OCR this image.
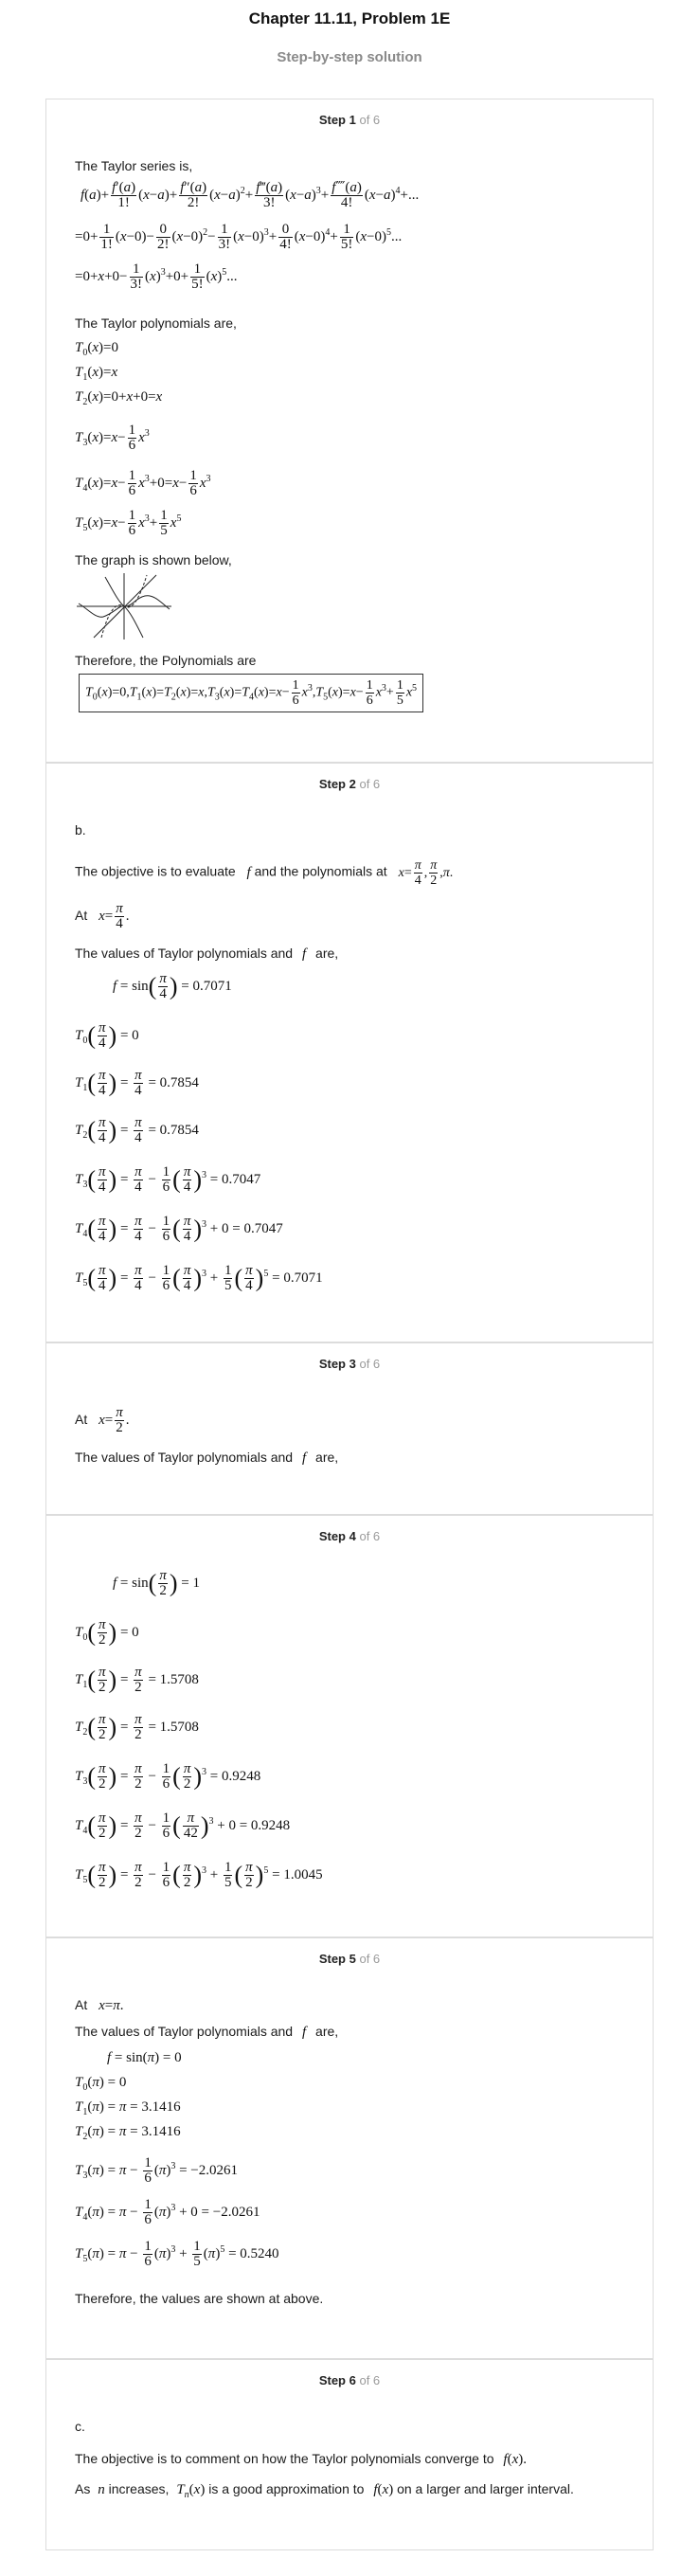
Chapter 11.11, Problem 1E
Step-by-step solution
Step 1 of 6
The Taylor series is,
$f(a)+ \frac{f'(a)}{1!} (x-a)+ \frac{f''(a)}{2!} (x-a)^2+ \frac{f‴(a)}{3!} (x-a)^3+ \frac{f⁗(a)}{4!} (x-a)^4+$...
$=0+ \frac{1}{1!} (x-0)- \frac{0}{2!} (x-0)^2- \frac{1}{3!} (x-0)^3+ \frac{0}{4!} (x-0)^4+ \frac{1}{5!} (x-0)^5$...
$=0+x+0- \frac{1}{3!} (x)^3+0+ \frac{1}{5!} (x)^5$...
The Taylor polynomials are,
$T_0(x)=0$
$T_1(x)=x$
$T_2(x)=0+x+0=x$
$T_3(x)=x- \frac{1}{6} x^3$
$T_4(x)=x- \frac{1}{6} x^3+0=x- \frac{1}{6} x^3$
$T_5(x)=x- \frac{1}{6} x^3+ \frac{1}{5} x^5$
The graph is shown below,
Therefore, the Polynomials are
$T_0(x)=0,T_1(x)=T_2(x)=x,T_3(x)=T_4(x)=x- \frac{1}{6} x^3,T_5(x)=x- \frac{1}{6} x^3+ \frac{1}{5} x^5$
Step 2 of 6
b.
The objective is to evaluate f and the polynomials at $x= \frac{\pi}{4}$ , $\frac{\pi}{2} ,\pi$.
At $x= \frac{\pi}{4}$ .
The values of Taylor polynomials and f are,
$f = \sin( \frac{\pi}{4}$ ) = 0.7071
$T_0( \frac{\pi}{4}$ ) = 0
$T_1( \frac{\pi}{4}$ ) = $\frac{\pi}{4} = 0.7854$
$T_2( \frac{\pi}{4}$ ) = $\frac{\pi}{4} = 0.7854$
$T_3( \frac{\pi}{4}$ ) = $\frac{\pi}{4} - \frac{1}{6}$ ( $\frac{\pi}{4} )^3 = 0.7047$
$T_4( \frac{\pi}{4}$ ) = $\frac{\pi}{4} - \frac{1}{6}$ ( $\frac{\pi}{4} )^3 + 0 = 0.7047$
$T_5( \frac{\pi}{4}$ ) = $\frac{\pi}{4} - \frac{1}{6}$ ( $\frac{\pi}{4} )^3 + \frac{1}{5}$ ( $\frac{\pi}{4} )^5 = 0.7071$
Step 3 of 6
At $x= \frac{\pi}{2}$ .
The values of Taylor polynomials and f are,
Step 4 of 6
$f = \sin( \frac{\pi}{2}$ ) = 1
$T_0( \frac{\pi}{2}$ ) = 0
$T_1( \frac{\pi}{2}$ ) = $\frac{\pi}{2} = 1.5708$
$T_2( \frac{\pi}{2}$ ) = $\frac{\pi}{2} = 1.5708$
$T_3( \frac{\pi}{2}$ ) = $\frac{\pi}{2} - \frac{1}{6}$ ( $\frac{\pi}{2} )^3 = 0.9248$
$T_4( \frac{\pi}{2}$ ) = $\frac{\pi}{2} - \frac{1}{6}$ ( $\frac{\pi}{42} )^3 + 0 = 0.9248$
$T_5( \frac{\pi}{2}$ ) = $\frac{\pi}{2} - \frac{1}{6}$ ( $\frac{\pi}{2} )^3 + \frac{1}{5}$ ( $\frac{\pi}{2} )^5 = 1.0045$
Step 5 of 6
At x=π.
The values of Taylor polynomials and f are,
f = sin(π) = 0
$T_0(\pi) = 0$
$T_1(\pi) = \pi = 3.1416$
$T_2(\pi) = \pi = 3.1416$
$T_3(\pi) = \pi - \frac{1}{6} (\pi)^3 = -2.0261$
$T_4(\pi) = \pi - \frac{1}{6} (\pi)^3 + 0 = -2.0261$
$T_5(\pi) = \pi - \frac{1}{6} (\pi)^3 + \frac{1}{5} (\pi)^5 = 0.5240$
Therefore, the values are shown at above.
Step 6 of 6
c.
The objective is to comment on how the Taylor polynomials converge to f(x).
As n increases, $T_n(x)$ is a good approximation to f(x) on a larger and larger interval.
